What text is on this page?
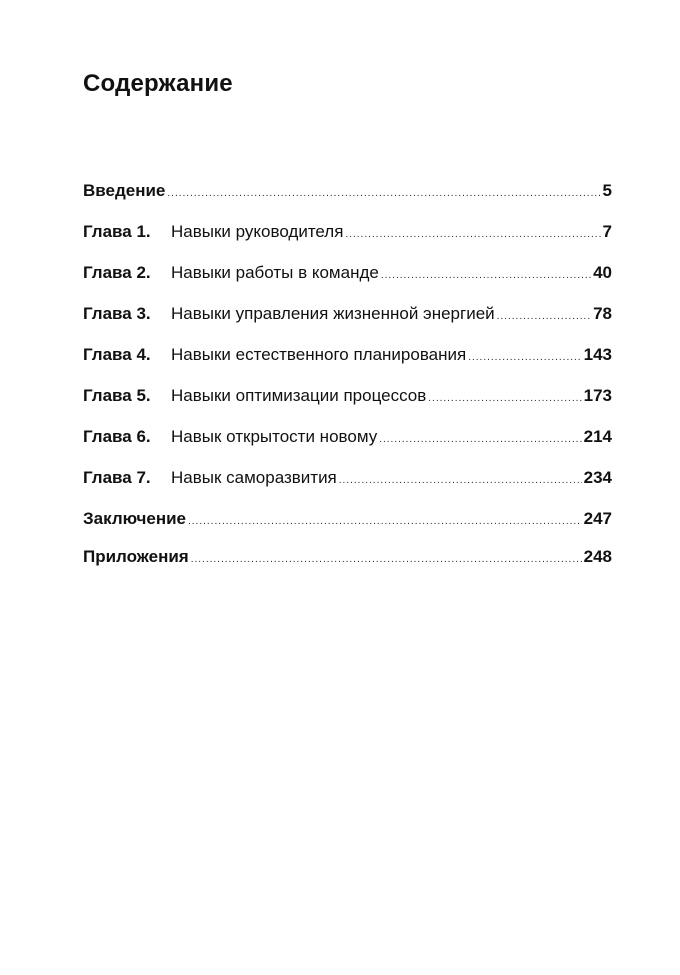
Содержание
Введение .....	5
Глава 1.	Навыки руководителя .....	7
Глава 2.	Навыки работы в команде .....	40
Глава 3.	Навыки управления жизненной энергией .....	78
Глава 4.	Навыки естественного планирования .....	143
Глава 5.	Навыки оптимизации процессов .....	173
Глава 6.	Навык открытости новому .....	214
Глава 7.	Навык саморазвития .....	234
Заключение .....	247
Приложения .....	248
